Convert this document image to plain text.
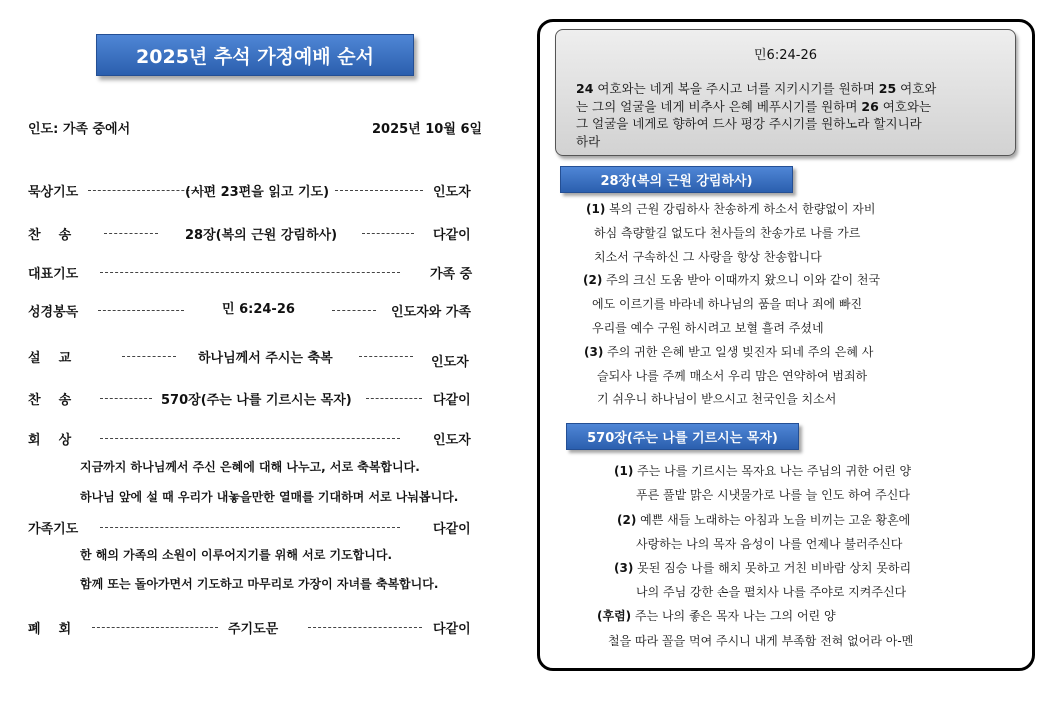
2025년 추석 가정예배 순서
인도: 가족 중에서	2025년 10월 6일
묵상기도	(시편 23편을 읽고 기도)	인도자
찬    송	28장(복의 근원 강림하사)	다같이
대표기도	가족 중
성경봉독	민 6:24-26	인도자와 가족
설    교	하나님께서 주시는 축복	인도자
찬    송	570장(주는 나를 기르시는 목자)	다같이
회    상	인도자
지금까지 하나님께서 주신 은혜에 대해 나누고, 서로 축복합니다.
하나님 앞에 설 때 우리가 내놓을만한 열매를 기대하며 서로 나눠봅니다.
가족기도	다같이
한 해의 가족의 소원이 이루어지기를 위해 서로 기도합니다.
함께 또는 돌아가면서 기도하고 마무리로 가장이 자녀를 축복합니다.
폐    회	주기도문	다같이
민6:24-26
24 여호와는 네게 복을 주시고 너를 지키시기를 원하며 25 여호와
는 그의 얼굴을 네게 비추사 은혜 베푸시기를 원하며 26 여호와는
그 얼굴을 네게로 향하여 드사 평강 주시기를 원하노라 할지니라
하라
28장(복의 근원 강림하사)
(1) 복의 근원 강림하사 찬송하게 하소서 한량없이 자비
하심 측량할길 없도다 천사들의 찬송가로 나를 가르
치소서 구속하신 그 사랑을 항상 찬송합니다
(2) 주의 크신 도움 받아 이때까지 왔으니 이와 같이 천국
에도 이르기를 바라네 하나님의 품을 떠나 죄에 빠진
우리를 예수 구원 하시려고 보혈 흘려 주셨네
(3) 주의 귀한 은혜 받고 일생 빚진자 되네 주의 은혜 사
슬되사 나를 주께 매소서 우리 맘은 연약하여 범죄하
기 쉬우니 하나님이 받으시고 천국인을 치소서
570장(주는 나를 기르시는 목자)
(1) 주는 나를 기르시는 목자요 나는 주님의 귀한 어린 양
푸른 풀밭 맑은 시냇물가로 나를 늘 인도 하여 주신다
(2) 예쁜 새들 노래하는 아침과 노을 비끼는 고운 황혼에
사랑하는 나의 목자 음성이 나를 언제나 불러주신다
(3) 못된 짐승 나를 해치 못하고 거친 비바람 상치 못하리
나의 주님 강한 손을 펼치사 나를 주야로 지켜주신다
(후렴) 주는 나의 좋은 목자 나는 그의 어린 양
철을 따라 꼴을 먹여 주시니 내게 부족함 전혀 없어라 아-멘
